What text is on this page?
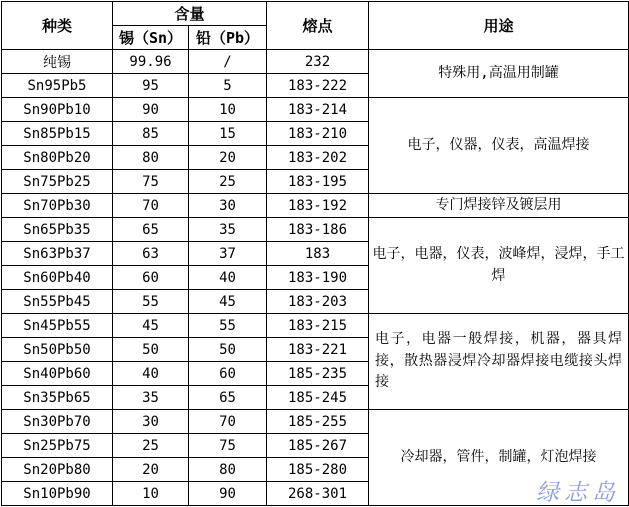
种类	含量		熔点	用途
	锡（Sn）	铅（Pb）		
纯锡	99.96	/	232	特殊用,高温用制罐
Sn95Pb5	95	5	183-222	
Sn90Pb10	90	10	183-214	电子，仪器，仪表，高温焊接
Sn85Pb15	85	15	183-210	
Sn80Pb20	80	20	183-202	
Sn75Pb25	75	25	183-195	
Sn70Pb30	70	30	183-192	专门焊接锌及镀层用
Sn65Pb35	65	35	183-186	电子，电器，仪表，波峰焊，浸焊，手工焊
Sn63Pb37	63	37	183	
Sn60Pb40	60	40	183-190	
Sn55Pb45	55	45	183-203	
Sn45Pb55	45	55	183-215	电子，电器一般焊接，机器，器具焊接，散热器浸焊冷却器焊接电缆接头焊接
Sn50Pb50	50	50	183-221	
Sn40Pb60	40	60	185-235	
Sn35Pb65	35	65	185-245	
Sn30Pb70	30	70	185-255	冷却器，管件，制罐，灯泡焊接
Sn25Pb75	25	75	185-267	
Sn20Pb80	20	80	185-280	
Sn10Pb90	10	90	268-301		绿志岛
